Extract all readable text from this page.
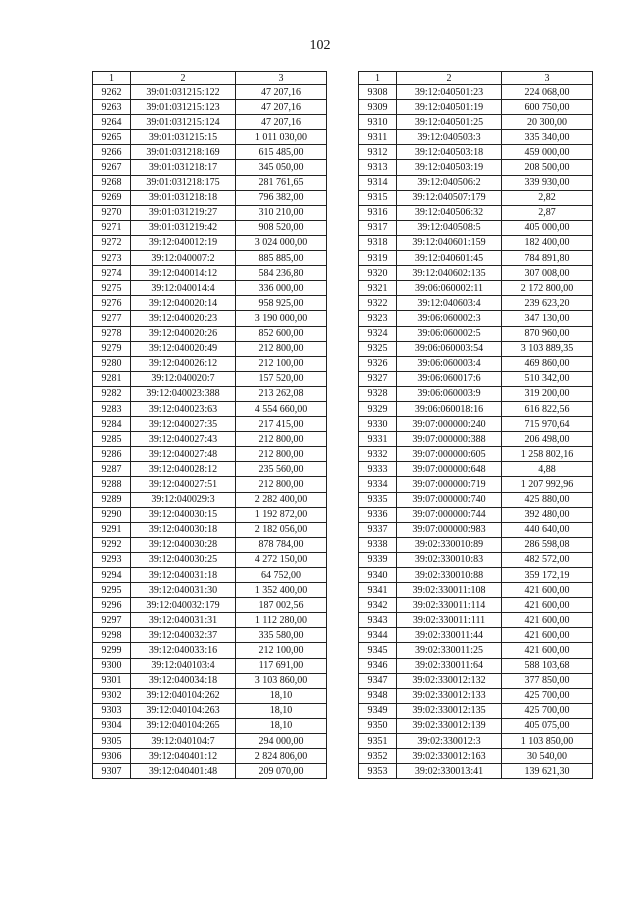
102
1	2	3
9262	39:01:031215:122	47 207,16
9263	39:01:031215:123	47 207,16
9264	39:01:031215:124	47 207,16
9265	39:01:031215:15	1 011 030,00
9266	39:01:031218:169	615 485,00
9267	39:01:031218:17	345 050,00
9268	39:01:031218:175	281 761,65
9269	39:01:031218:18	796 382,00
9270	39:01:031219:27	310 210,00
9271	39:01:031219:42	908 520,00
9272	39:12:040012:19	3 024 000,00
9273	39:12:040007:2	885 885,00
9274	39:12:040014:12	584 236,80
9275	39:12:040014:4	336 000,00
9276	39:12:040020:14	958 925,00
9277	39:12:040020:23	3 190 000,00
9278	39:12:040020:26	852 600,00
9279	39:12:040020:49	212 800,00
9280	39:12:040026:12	212 100,00
9281	39:12:040020:7	157 520,00
9282	39:12:040023:388	213 262,08
9283	39:12:040023:63	4 554 660,00
9284	39:12:040027:35	217 415,00
9285	39:12:040027:43	212 800,00
9286	39:12:040027:48	212 800,00
9287	39:12:040028:12	235 560,00
9288	39:12:040027:51	212 800,00
9289	39:12:040029:3	2 282 400,00
9290	39:12:040030:15	1 192 872,00
9291	39:12:040030:18	2 182 056,00
9292	39:12:040030:28	878 784,00
9293	39:12:040030:25	4 272 150,00
9294	39:12:040031:18	64 752,00
9295	39:12:040031:30	1 352 400,00
9296	39:12:040032:179	187 002,56
9297	39:12:040031:31	1 112 280,00
9298	39:12:040032:37	335 580,00
9299	39:12:040033:16	212 100,00
9300	39:12:040103:4	117 691,00
9301	39:12:040034:18	3 103 860,00
9302	39:12:040104:262	18,10
9303	39:12:040104:263	18,10
9304	39:12:040104:265	18,10
9305	39:12:040104:7	294 000,00
9306	39:12:040401:12	2 824 806,00
9307	39:12:040401:48	209 070,00
1	2	3
9308	39:12:040501:23	224 068,00
9309	39:12:040501:19	600 750,00
9310	39:12:040501:25	20 300,00
9311	39:12:040503:3	335 340,00
9312	39:12:040503:18	459 000,00
9313	39:12:040503:19	208 500,00
9314	39:12:040506:2	339 930,00
9315	39:12:040507:179	2,82
9316	39:12:040506:32	2,87
9317	39:12:040508:5	405 000,00
9318	39:12:040601:159	182 400,00
9319	39:12:040601:45	784 891,80
9320	39:12:040602:135	307 008,00
9321	39:06:060002:11	2 172 800,00
9322	39:12:040603:4	239 623,20
9323	39:06:060002:3	347 130,00
9324	39:06:060002:5	870 960,00
9325	39:06:060003:54	3 103 889,35
9326	39:06:060003:4	469 860,00
9327	39:06:060017:6	510 342,00
9328	39:06:060003:9	319 200,00
9329	39:06:060018:16	616 822,56
9330	39:07:000000:240	715 970,64
9331	39:07:000000:388	206 498,00
9332	39:07:000000:605	1 258 802,16
9333	39:07:000000:648	4,88
9334	39:07:000000:719	1 207 992,96
9335	39:07:000000:740	425 880,00
9336	39:07:000000:744	392 480,00
9337	39:07:000000:983	440 640,00
9338	39:02:330010:89	286 598,08
9339	39:02:330010:83	482 572,00
9340	39:02:330010:88	359 172,19
9341	39:02:330011:108	421 600,00
9342	39:02:330011:114	421 600,00
9343	39:02:330011:111	421 600,00
9344	39:02:330011:44	421 600,00
9345	39:02:330011:25	421 600,00
9346	39:02:330011:64	588 103,68
9347	39:02:330012:132	377 850,00
9348	39:02:330012:133	425 700,00
9349	39:02:330012:135	425 700,00
9350	39:02:330012:139	405 075,00
9351	39:02:330012:3	1 103 850,00
9352	39:02:330012:163	30 540,00
9353	39:02:330013:41	139 621,30
